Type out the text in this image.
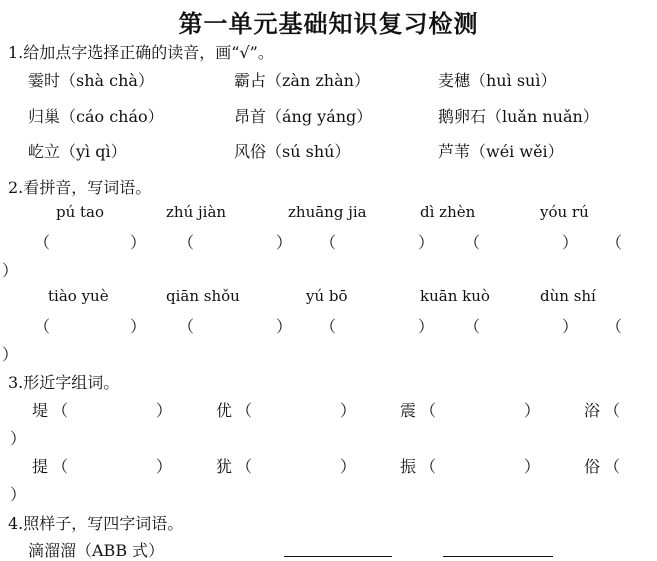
第一单元基础知识复习检测
1.给加点字选择正确的读音，画“√”。
霎时（shà chà）	霸占（zàn zhàn）	麦穗（huì suì）
归巢（cáo cháo）	昂首（áng yáng）	鹅卵石（luǎn nuǎn）
屹立（yì qì）	风俗（sú shú）	芦苇（wéi wěi）
2.看拼音，写词语。
pú tao	zhú jiàn	zhuāng jia	dì zhèn	yóu rú
（	） （	） （	） （	） （
）
tiào yuè	qiān shǒu	yú bō	kuān kuò	dùn shí
（	） （	） （	） （	） （
）
3.形近字组词。
堤 （	）	优 （	）	震 （	）	浴 （
）
提 （	）	犹 （	）	振 （	）	俗 （
）
4.照样子，写四字词语。
滴溜溜（ABB 式）
